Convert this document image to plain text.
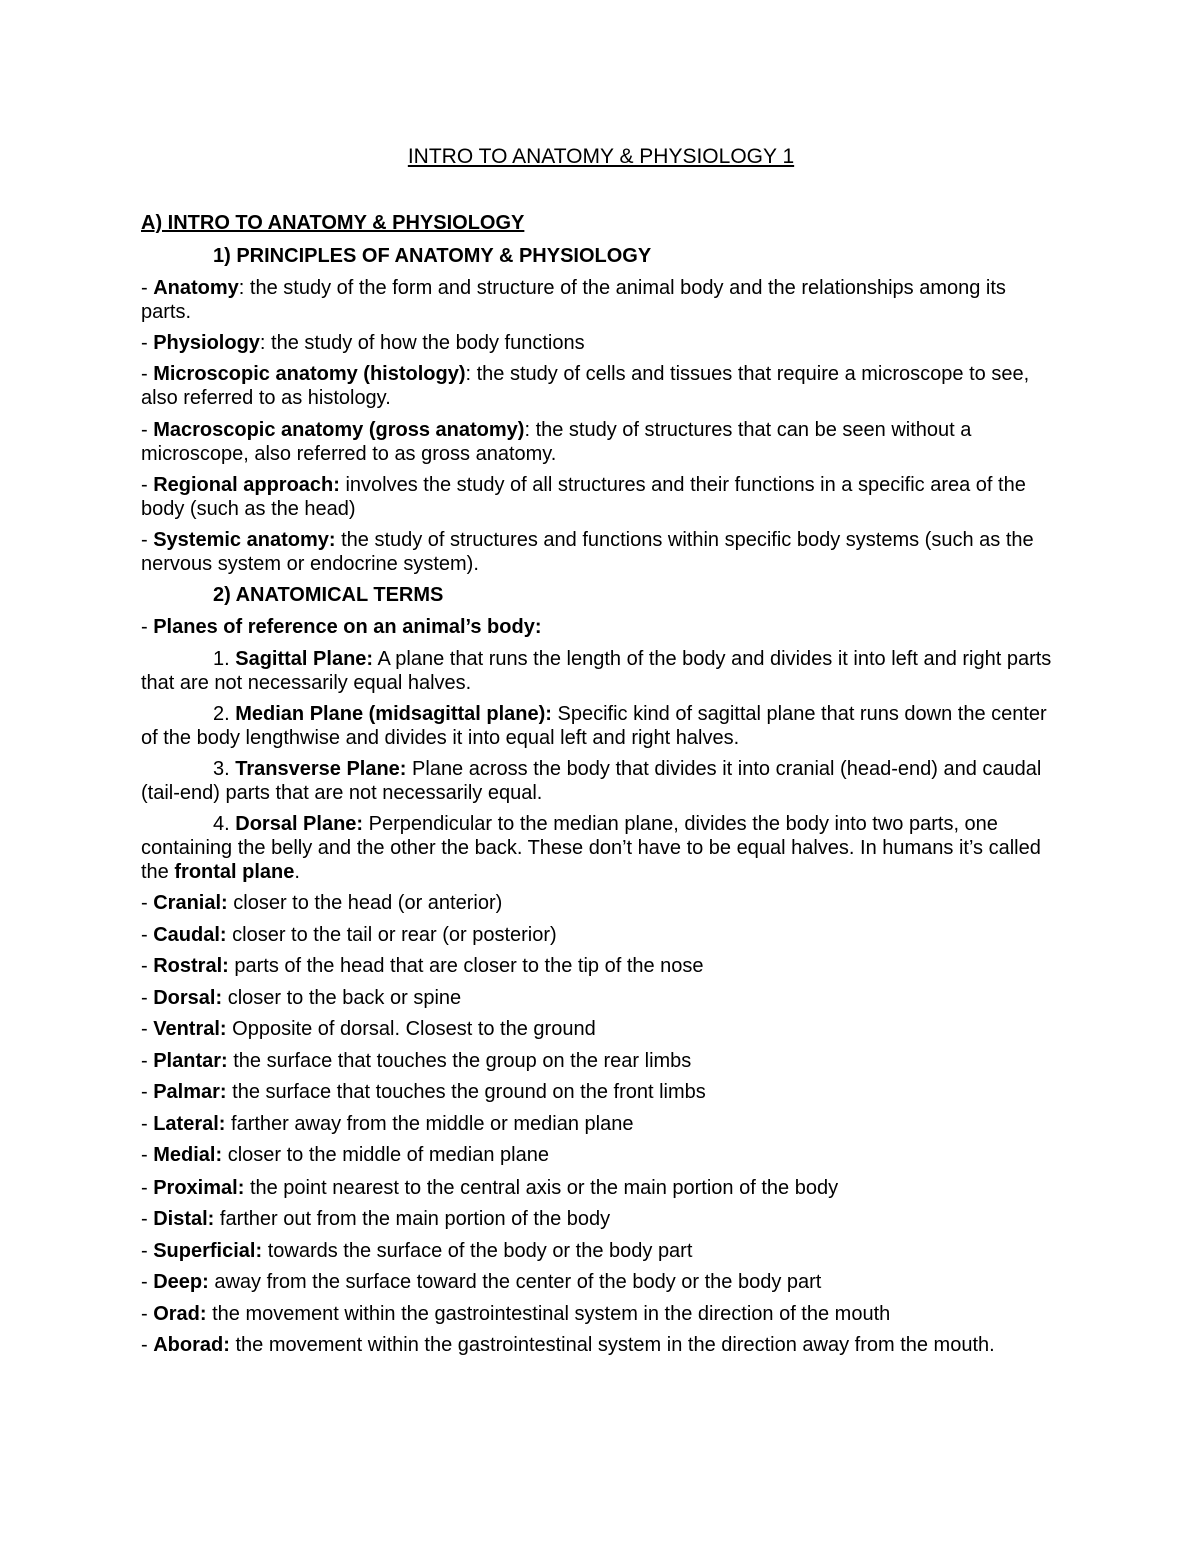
INTRO TO ANATOMY & PHYSIOLOGY 1
A) INTRO TO ANATOMY & PHYSIOLOGY
1) PRINCIPLES OF ANATOMY & PHYSIOLOGY
- Anatomy: the study of the form and structure of the animal body and the relationships among its parts.
- Physiology: the study of how the body functions
- Microscopic anatomy (histology): the study of cells and tissues that require a microscope to see, also referred to as histology.
- Macroscopic anatomy (gross anatomy): the study of structures that can be seen without a microscope, also referred to as gross anatomy.
- Regional approach: involves the study of all structures and their functions in a specific area of the body (such as the head)
- Systemic anatomy: the study of structures and functions within specific body systems (such as the nervous system or endocrine system).
2) ANATOMICAL TERMS
- Planes of reference on an animal’s body:
1. Sagittal Plane: A plane that runs the length of the body and divides it into left and right parts that are not necessarily equal halves.
2. Median Plane (midsagittal plane): Specific kind of sagittal plane that runs down the center of the body lengthwise and divides it into equal left and right halves.
3. Transverse Plane: Plane across the body that divides it into cranial (head-end) and caudal (tail-end) parts that are not necessarily equal.
4. Dorsal Plane: Perpendicular to the median plane, divides the body into two parts, one containing the belly and the other the back. These don’t have to be equal halves. In humans it’s called the frontal plane.
- Cranial: closer to the head (or anterior)
- Caudal: closer to the tail or rear (or posterior)
- Rostral: parts of the head that are closer to the tip of the nose
- Dorsal: closer to the back or spine
- Ventral: Opposite of dorsal. Closest to the ground
- Plantar: the surface that touches the group on the rear limbs
- Palmar: the surface that touches the ground on the front limbs
- Lateral: farther away from the middle or median plane
- Medial: closer to the middle of median plane
- Proximal: the point nearest to the central axis or the main portion of the body
- Distal: farther out from the main portion of the body
- Superficial: towards the surface of the body or the body part
- Deep: away from the surface toward the center of the body or the body part
- Orad: the movement within the gastrointestinal system in the direction of the mouth
- Aborad: the movement within the gastrointestinal system in the direction away from the mouth.
